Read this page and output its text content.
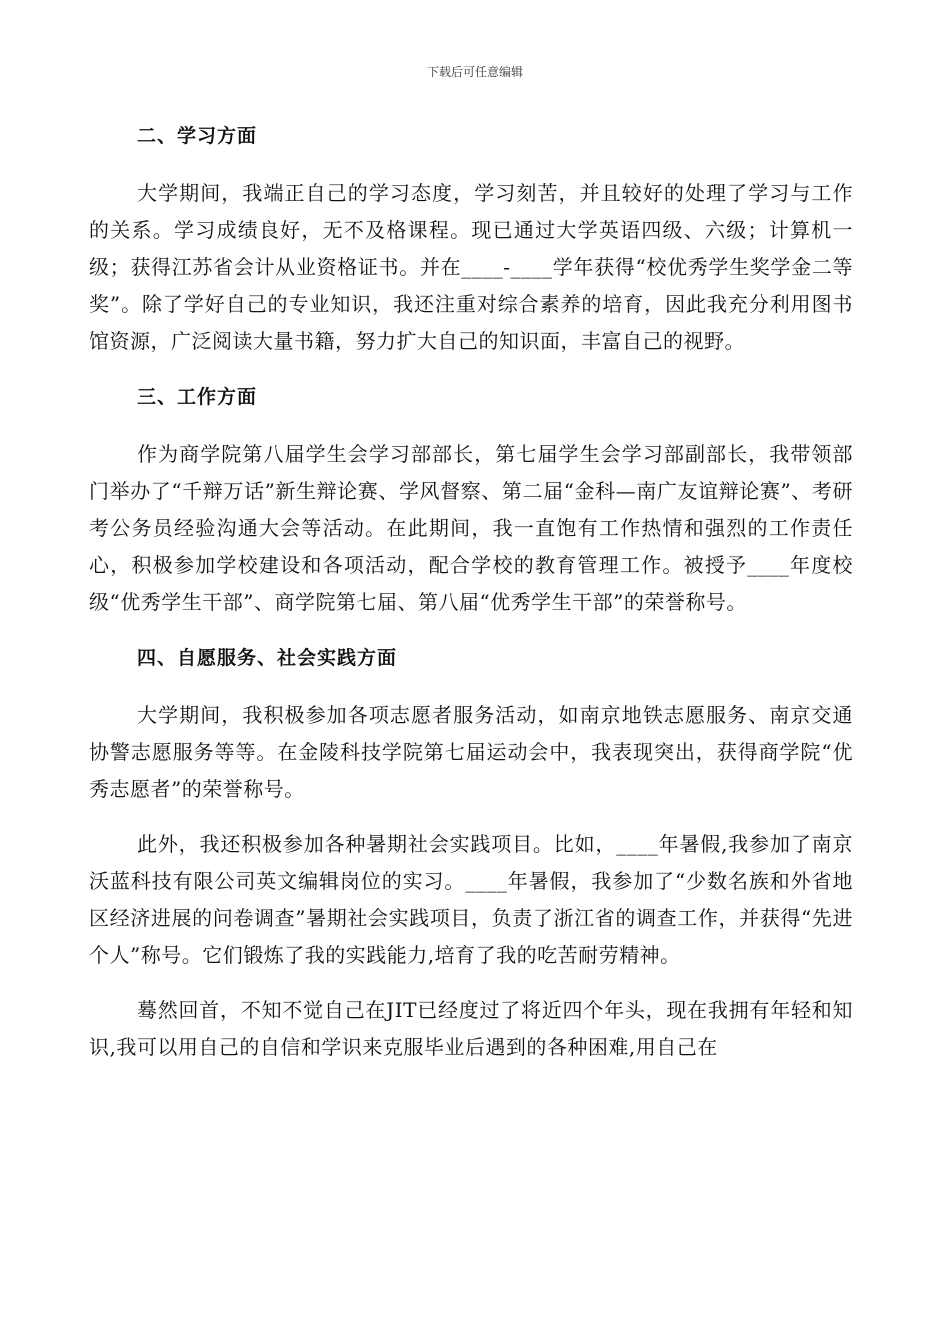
下载后可任意编辑
二、学习方面

大学期间，我端正自己的学习态度，学习刻苦，并且较好的处理了学习与工作的关系。学习成绩良好，无不及格课程。现已通过大学英语四级、六级；计算机一级；获得江苏省会计从业资格证书。并在____-____学年获得“校优秀学生奖学金二等奖”。除了学好自己的专业知识，我还注重对综合素养的培育，因此我充分利用图书馆资源，广泛阅读大量书籍，努力扩大自己的知识面，丰富自己的视野。

三、工作方面

作为商学院第八届学生会学习部部长，第七届学生会学习部副部长，我带领部门举办了“千辩万话”新生辩论赛、学风督察、第二届“金科—南广友谊辩论赛”、考研考公务员经验沟通大会等活动。在此期间，我一直饱有工作热情和强烈的工作责任心，积极参加学校建设和各项活动，配合学校的教育管理工作。被授予____年度校级“优秀学生干部”、商学院第七届、第八届“优秀学生干部”的荣誉称号。

四、自愿服务、社会实践方面

大学期间，我积极参加各项志愿者服务活动，如南京地铁志愿服务、南京交通协警志愿服务等等。在金陵科技学院第七届运动会中，我表现突出，获得商学院“优秀志愿者”的荣誉称号。

此外，我还积极参加各种暑期社会实践项目。比如，____年暑假,我参加了南京沃蓝科技有限公司英文编辑岗位的实习。____年暑假，我参加了“少数名族和外省地区经济进展的问卷调查”暑期社会实践项目，负责了浙江省的调查工作，并获得“先进个人”称号。它们锻炼了我的实践能力,培育了我的吃苦耐劳精神。

蓦然回首，不知不觉自己在JIT已经度过了将近四个年头，现在我拥有年轻和知识,我可以用自己的自信和学识来克服毕业后遇到的各种困难,用自己在
